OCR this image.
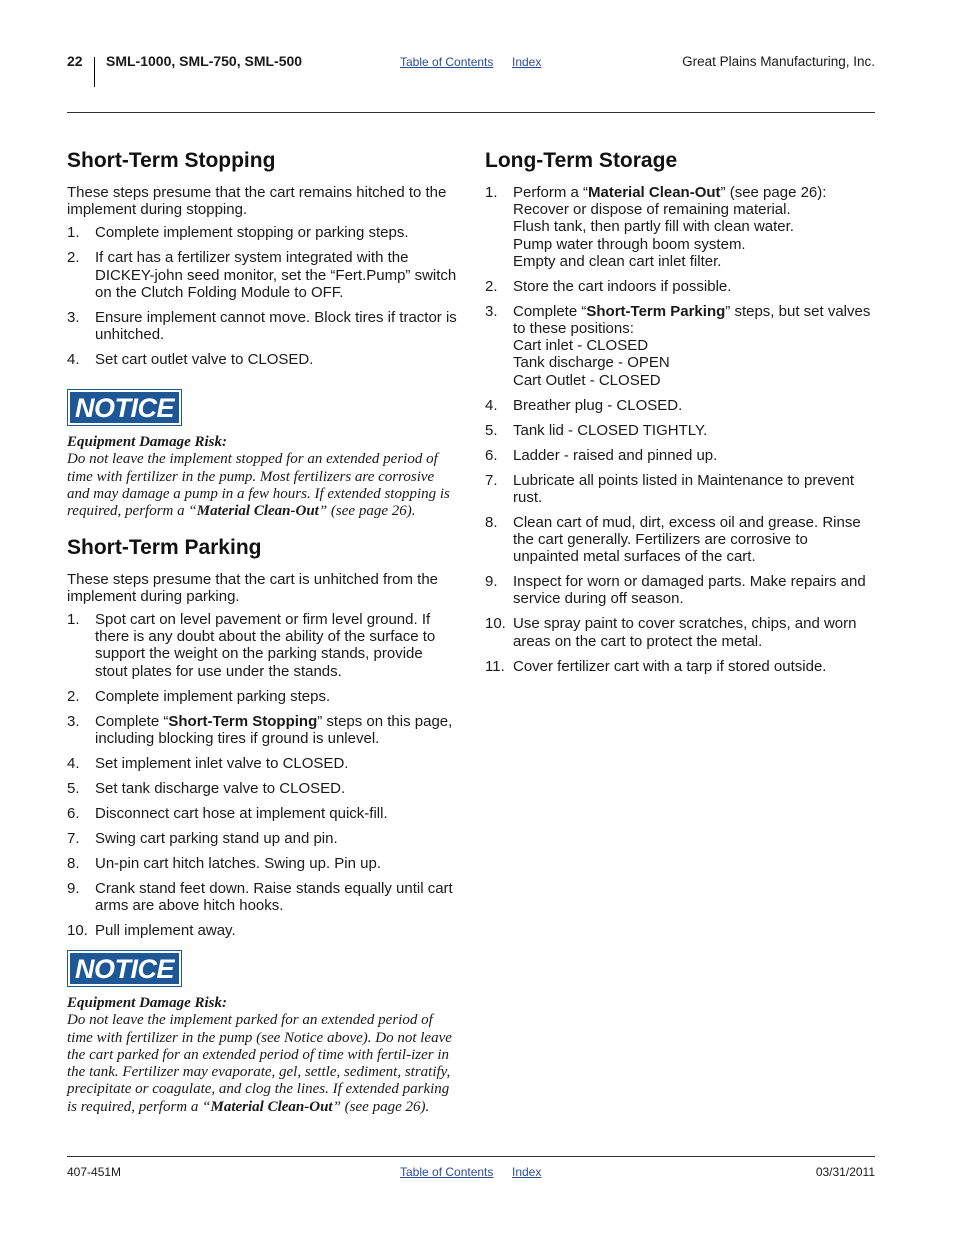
22 SML-1000, SML-750, SML-500	Table of Contents Index	Great Plains Manufacturing, Inc.
Short-Term Stopping

These steps presume that the cart remains hitched to the implement during stopping.

1. Complete implement stopping or parking steps.
2. If cart has a fertilizer system integrated with the DICKEY-john seed monitor, set the “Fert.Pump” switch on the Clutch Folding Module to OFF.
3. Ensure implement cannot move. Block tires if tractor is unhitched.
4. Set cart outlet valve to CLOSED.
NOTICE

Equipment Damage Risk:

Do not leave the implement stopped for an extended period of time with fertilizer in the pump. Most fertilizers are corrosive and may damage a pump in a few hours. If extended stopping is required, perform a “Material Clean-Out” (see page 26).

Short-Term Parking

These steps presume that the cart is unhitched from the implement during parking.

1. Spot cart on level pavement or firm level ground. If there is any doubt about the ability of the surface to support the weight on the parking stands, provide stout plates for use under the stands.
2. Complete implement parking steps.
3. Complete “Short-Term Stopping” steps on this page, including blocking tires if ground is unlevel.
4. Set implement inlet valve to CLOSED.
5. Set tank discharge valve to CLOSED.
6. Disconnect cart hose at implement quick-fill.
7. Swing cart parking stand up and pin.
8. Un-pin cart hitch latches. Swing up. Pin up.
9. Crank stand feet down. Raise stands equally until cart arms are above hitch hooks.
10. Pull implement away.
NOTICE

Equipment Damage Risk:

Do not leave the implement parked for an extended period of time with fertilizer in the pump (see Notice above). Do not leave the cart parked for an extended period of time with fertil-izer in the tank. Fertilizer may evaporate, gel, settle, sediment, stratify, precipitate or coagulate, and clog the lines. If extended parking is required, perform a “Material Clean-Out” (see page 26).

Long-Term Storage
1. Perform a “Material Clean-Out” (see page 26):
Recover or dispose of remaining material.
Flush tank, then partly fill with clean water.
Pump water through boom system.
Empty and clean cart inlet filter.
2. Store the cart indoors if possible.
3. Complete “Short-Term Parking” steps, but set valves to these positions:
Cart inlet - CLOSED
Tank discharge - OPEN
Cart Outlet - CLOSED
4. Breather plug - CLOSED.
5. Tank lid - CLOSED TIGHTLY.
6. Ladder - raised and pinned up.
7. Lubricate all points listed in Maintenance to prevent rust.
8. Clean cart of mud, dirt, excess oil and grease. Rinse the cart generally. Fertilizers are corrosive to unpainted metal surfaces of the cart.
9. Inspect for worn or damaged parts. Make repairs and service during off season.
10. Use spray paint to cover scratches, chips, and worn areas on the cart to protect the metal.
11. Cover fertilizer cart with a tarp if stored outside.
407-451M	Table of Contents Index	03/31/2011
